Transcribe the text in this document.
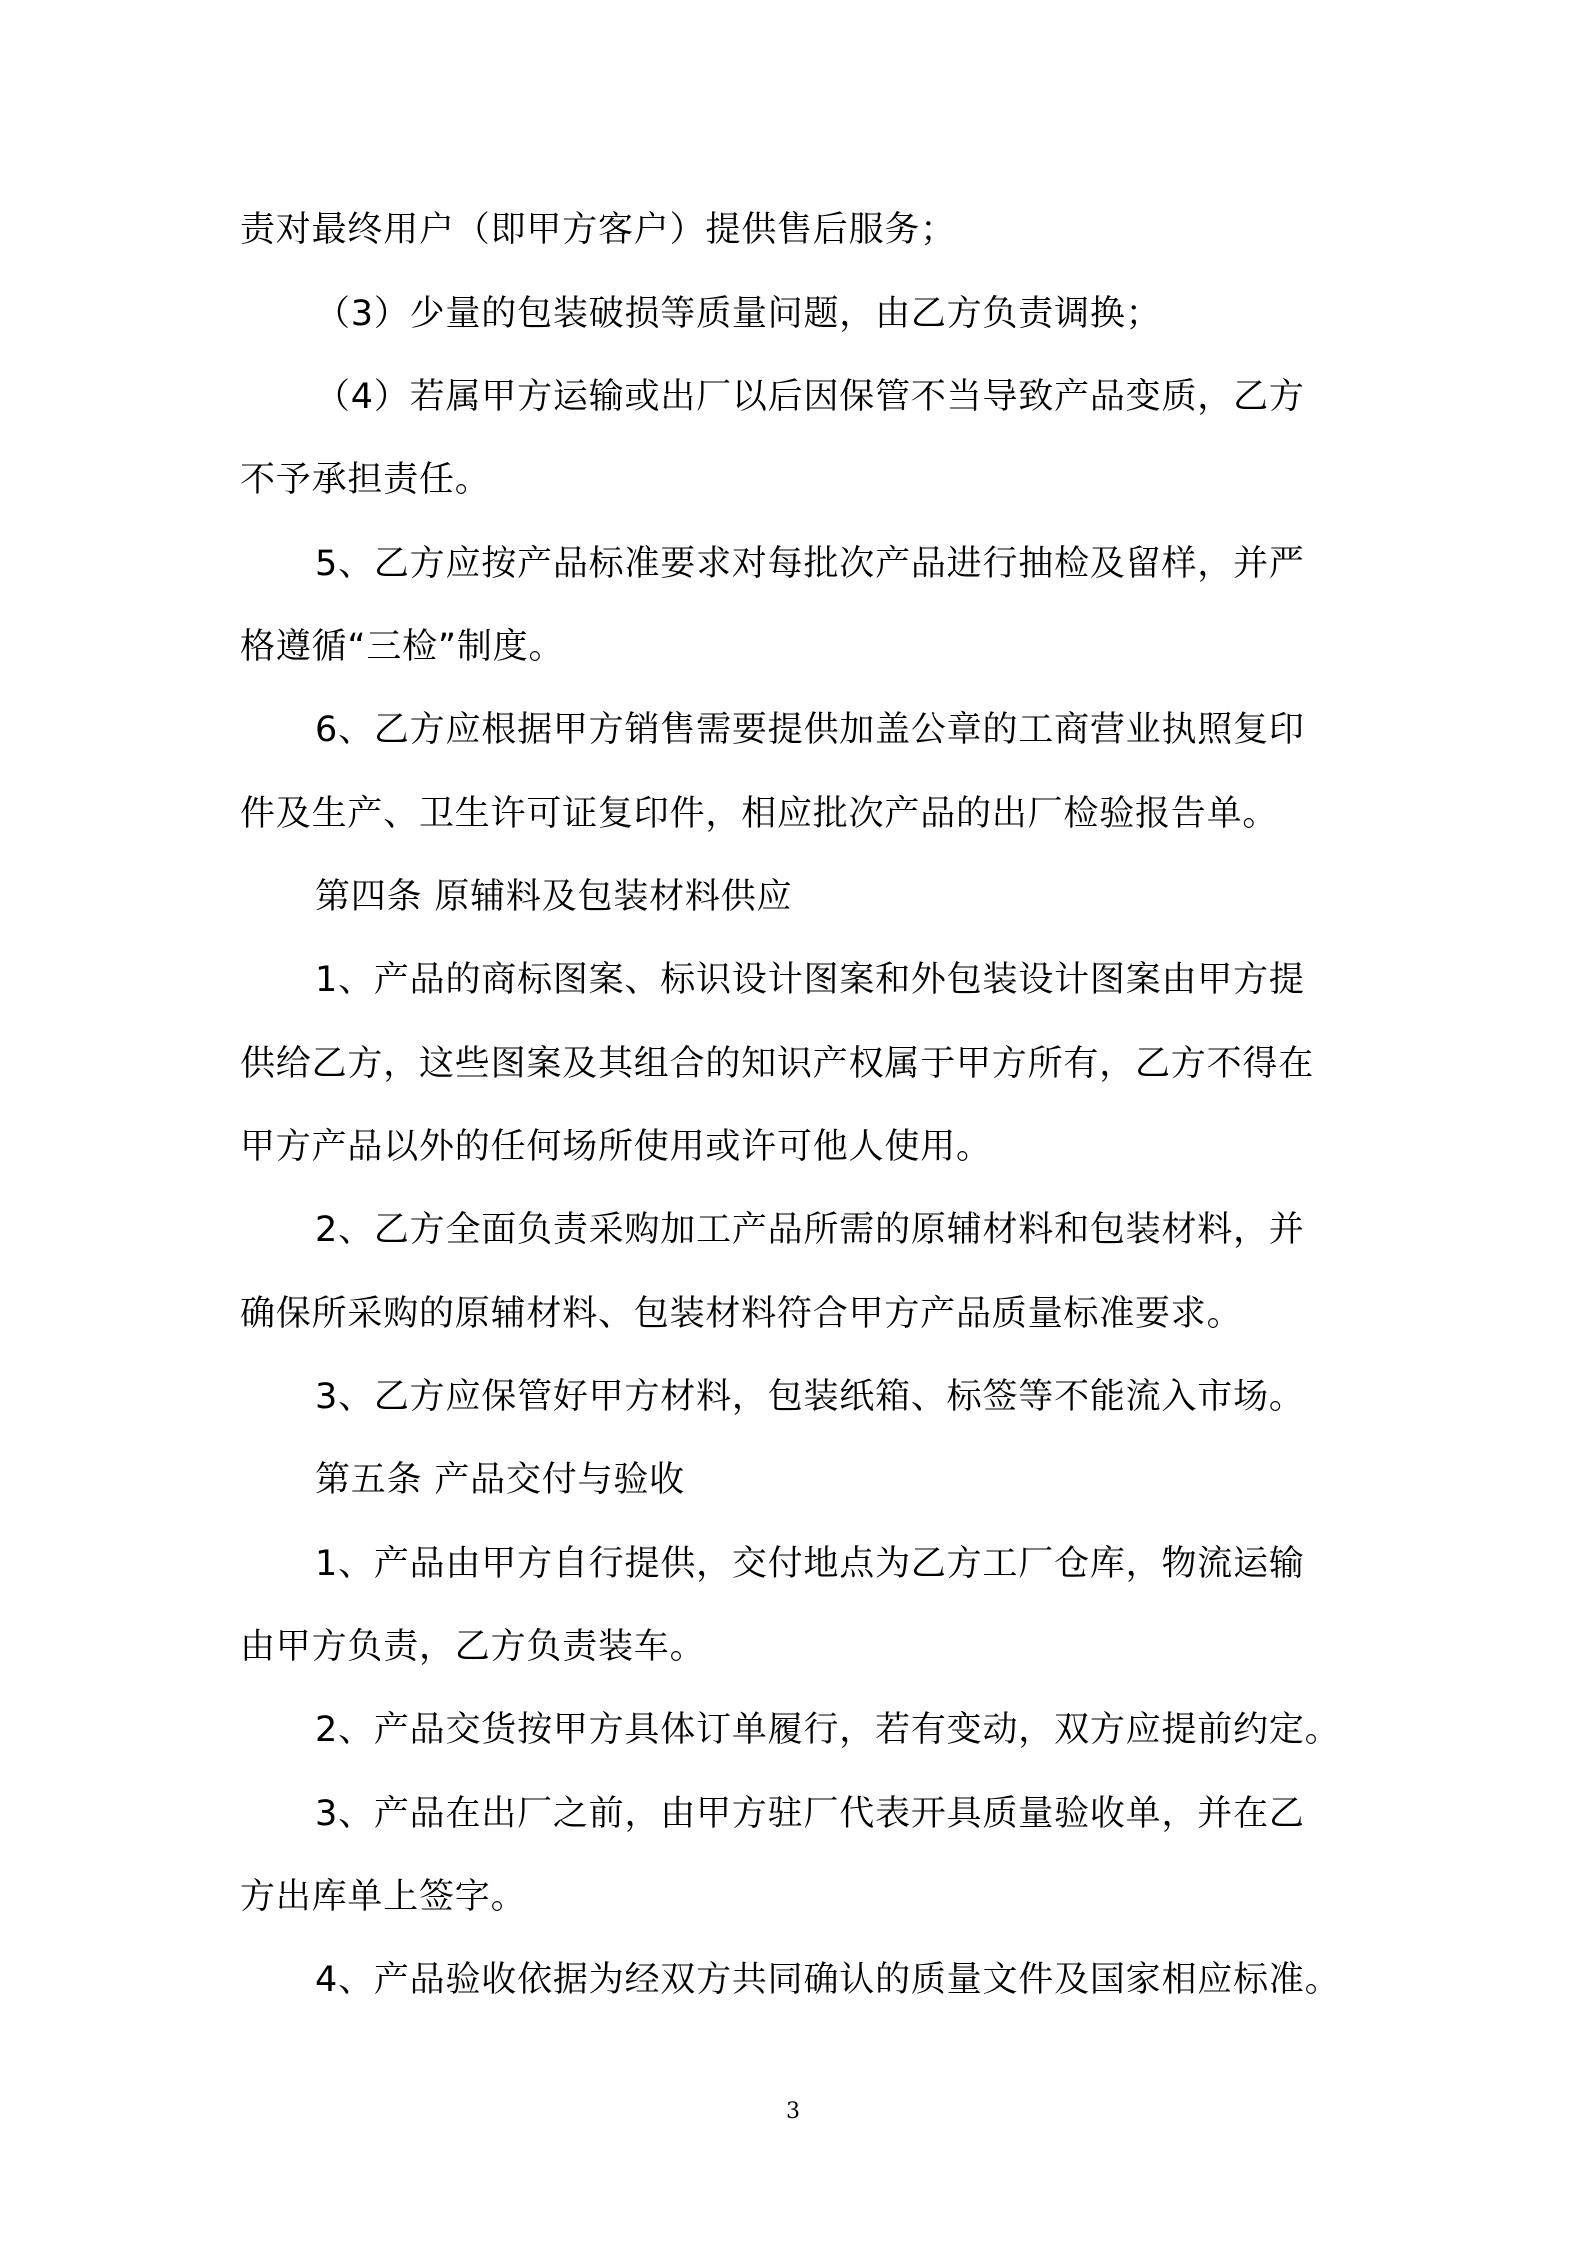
责对最终用户（即甲方客户）提供售后服务；
（3）少量的包装破损等质量问题，由乙方负责调换；
（4）若属甲方运输或出厂以后因保管不当导致产品变质，乙方
不予承担责任。
5、乙方应按产品标准要求对每批次产品进行抽检及留样，并严
格遵循“三检”制度。
6、乙方应根据甲方销售需要提供加盖公章的工商营业执照复印
件及生产、卫生许可证复印件，相应批次产品的出厂检验报告单。
第四条 原辅料及包装材料供应
1、产品的商标图案、标识设计图案和外包装设计图案由甲方提
供给乙方，这些图案及其组合的知识产权属于甲方所有，乙方不得在
甲方产品以外的任何场所使用或许可他人使用。
2、乙方全面负责采购加工产品所需的原辅材料和包装材料，并
确保所采购的原辅材料、包装材料符合甲方产品质量标准要求。
3、乙方应保管好甲方材料，包装纸箱、标签等不能流入市场。
第五条 产品交付与验收
1、产品由甲方自行提供，交付地点为乙方工厂仓库，物流运输
由甲方负责，乙方负责装车。
2、产品交货按甲方具体订单履行，若有变动，双方应提前约定。
3、产品在出厂之前，由甲方驻厂代表开具质量验收单，并在乙
方出库单上签字。
4、产品验收依据为经双方共同确认的质量文件及国家相应标准。
3
